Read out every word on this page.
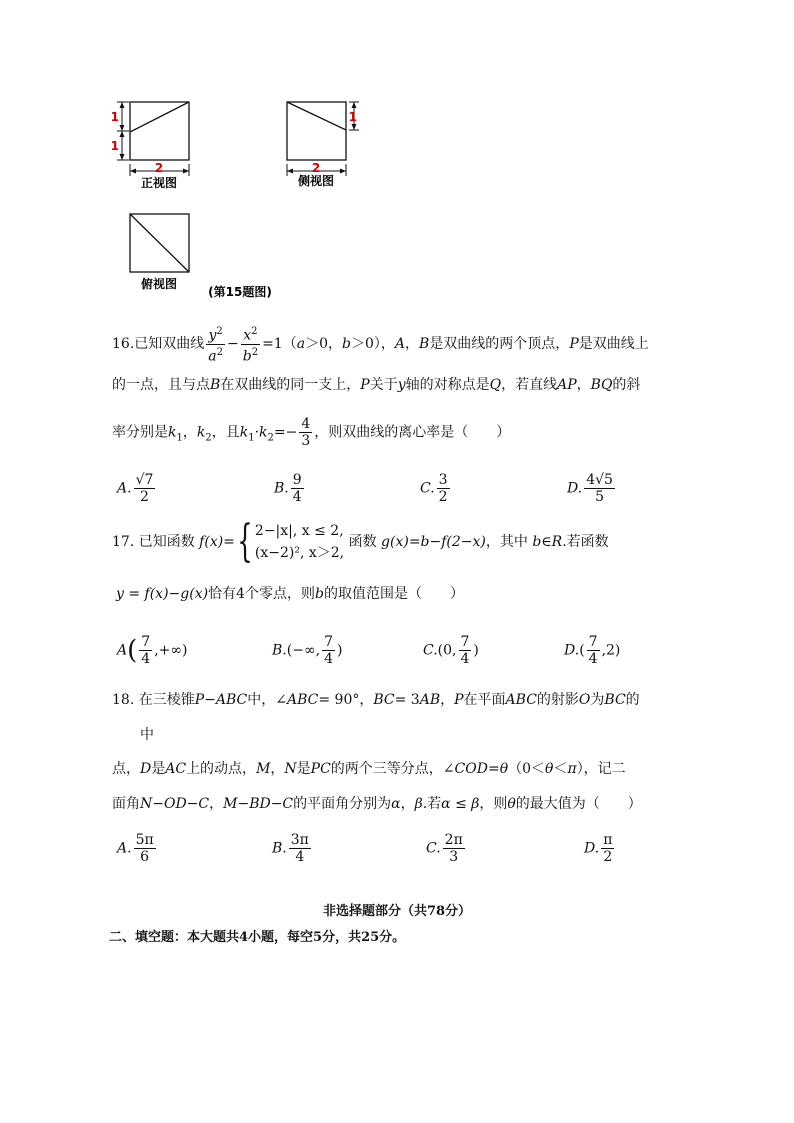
1
1
2
正视图
1
2
侧视图
俯视图
(第15题图)
16.已知双曲线 $\frac{y^2}{a^2} - \frac{x^2}{b^2} =1(a>0$，b＞0），A，B是双曲线的两个顶点，P是双曲线上
的一点，且与点B在双曲线的同一支上，P关于y轴的对称点是Q，若直线AP，BQ的斜
率分别是$k_1$，$k_2$，且$k_1\cdot k_2=- \frac{4}{3}$ ，则双曲线的离心率是（　　）
A. $\frac{√7}{2}$	B. $\frac{9}{4}$	C. $\frac{3}{2}$	D. $\frac{4√5}{5}$
17. 已知函数 f(x)={ 2−|x|, x ≤ 2,
(x−2)², x＞2,
函数 g(x)=b−f(2−x)，其中 b∈R.若函数
y = f(x)−g(x)恰有4个零点，则b的取值范围是（　　）
$A( \frac{7}{4}$ ,+∞)	B.(−∞, $\frac{7}{4}$ )	C.(0, $\frac{7}{4}$ )	$D.( \frac{7}{4} ,2)$
18. 在三棱锥P−ABC中，∠ABC= 90°，BC= 3AB，P在平面ABC的射影O为BC的
中
点，D是AC上的动点，M，N是PC的两个三等分点，∠COD=θ（0＜θ＜π），记二
面角N−OD−C，M−BD−C的平面角分别为α，β.若α ≤ β，则θ的最大值为（　　）
A. $\frac{5\pi}{6}$	B. $\frac{3\pi}{4}$	C. $\frac{2\pi}{3}$	D. $\frac{\pi}{2}$
非选择题部分（共78分）
二、填空题：本大题共4小题，每空5分，共25分。
